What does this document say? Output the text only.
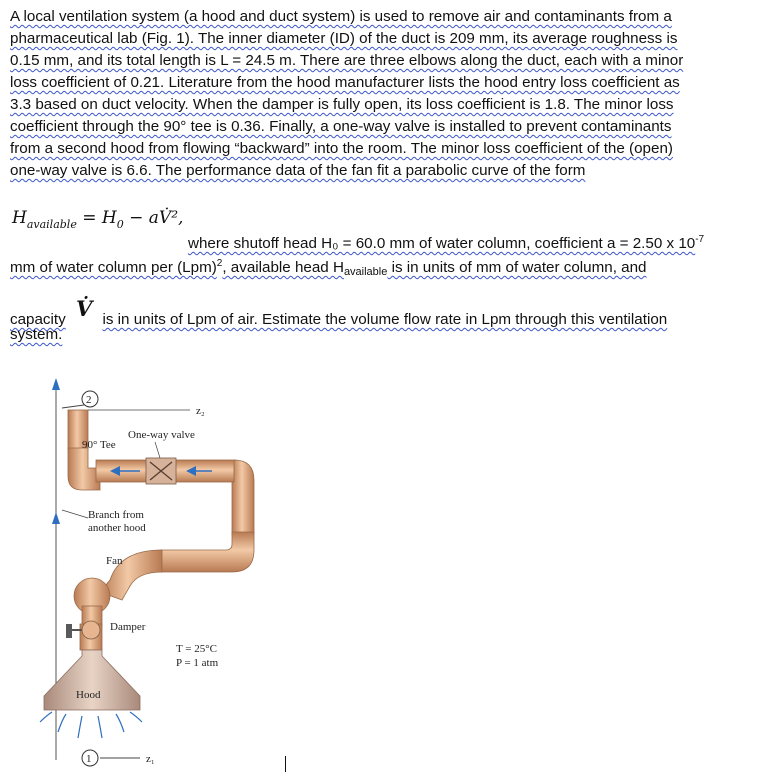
A local ventilation system (a hood and duct system) is used to remove air and contaminants from a
pharmaceutical lab (Fig. 1). The inner diameter (ID) of the duct is 209 mm, its average roughness is
0.15 mm, and its total length is L = 24.5 m. There are three elbows along the duct, each with a minor
loss coefficient of 0.21. Literature from the hood manufacturer lists the hood entry loss coefficient as
3.3 based on duct velocity. When the damper is fully open, its loss coefficient is 1.8. The minor loss
coefficient through the 90° tee is 0.36. Finally, a one-way valve is installed to prevent contaminants
from a second hood from flowing “backward” into the room. The minor loss coefficient of the (open)
one-way valve is 6.6. The performance data of the fan fit a parabolic curve of the form
$H_{available} = H_0$ − aV̇²,
where shutoff head H₀ = 60.0 mm of water column, coefficient a = 2.50 x $10^{-7}$
mm of water column per (Lpm)$^2$, available head $H_{available}$ is in units of mm of water column, and
capacity V̇ is in units of Lpm of air. Estimate the volume flow rate in Lpm through this ventilation
system.
2
1	z₁
z₂
One-way valve
90° Tee
Branch from
another hood
Fan
Damper
T = 25°C
P = 1 atm
Hood
